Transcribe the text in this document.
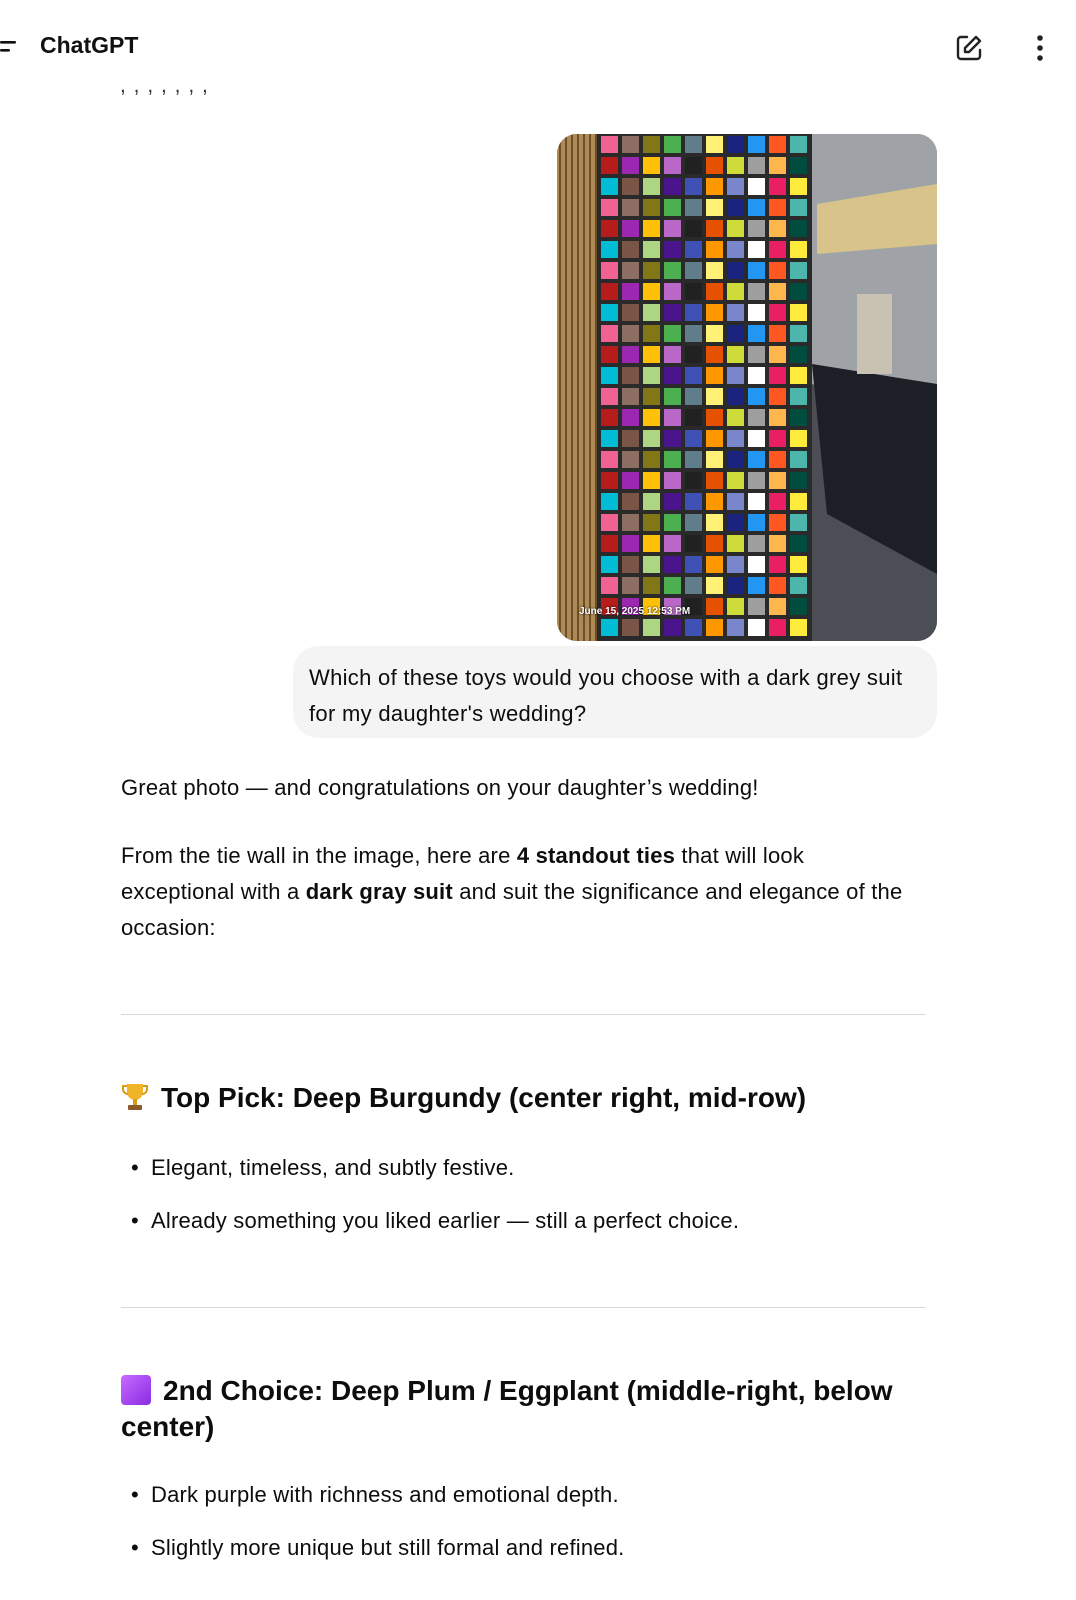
ChatGPT
, , , , , , ,
June 15, 2025 12:53 PM
Which of these toys would you choose with a dark grey suit for my daughter's wedding?
Great photo — and congratulations on your daughter’s wedding!
From the tie wall in the image, here are 4 standout ties that will look exceptional with a dark gray suit and suit the significance and elegance of the occasion:
Top Pick: Deep Burgundy (center right, mid-row)
• Elegant, timeless, and subtly festive.
• Already something you liked earlier — still a perfect choice.
2nd Choice: Deep Plum / Eggplant (middle-right, below center)
• Dark purple with richness and emotional depth.
• Slightly more unique but still formal and refined.
